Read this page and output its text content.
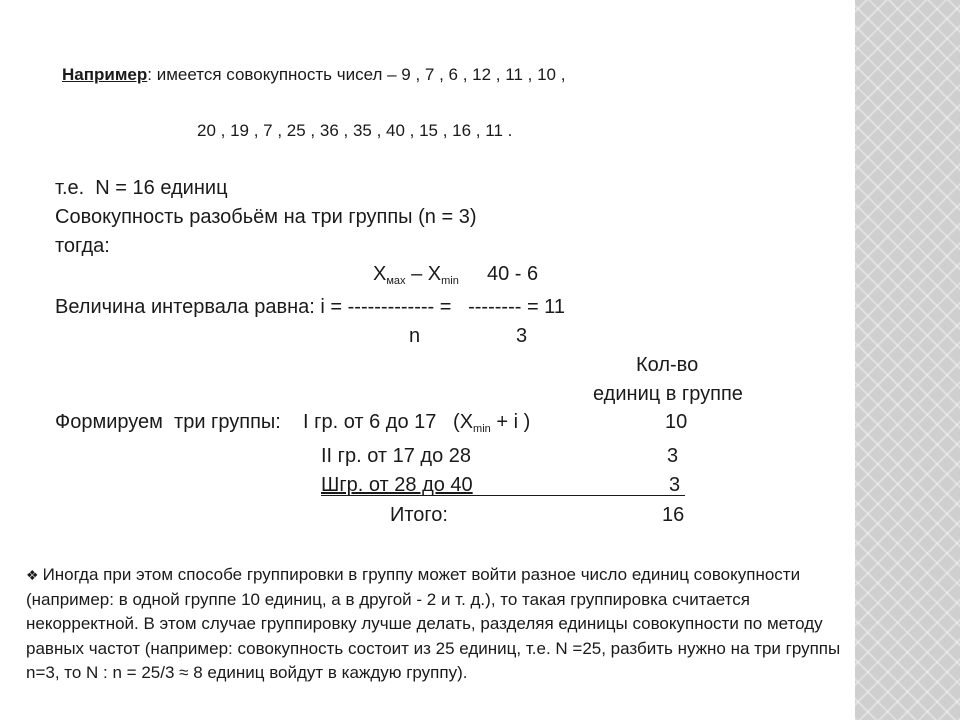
Например: имеется совокупность чисел – 9 , 7 , 6 , 12 , 11 , 10 ,
20 , 19 , 7 , 25 , 36 , 35 , 40 , 15 , 16 , 11 .
т.е.  N = 16 единиц
Совокупность разобьём на три группы (n = 3)
тогда:
$X_{мах} - X_{min}$ 40 - 6
Величина интервала равна: i = ------------- =   -------- = 11
n	3
Кол-во
единиц в группе
Формируем  три группы:    I гр. от 6 до 17   ($X_{min} + i$ )	10
II гр. от 17 до 28	3
Шгр. от 28 до 40	3
Итого:	16
❖ Иногда при этом способе группировки в группу может войти разное число единиц совокупности (например: в одной группе 10 единиц, а в другой - 2 и т. д.), то такая группировка считается некорректной. В этом случае группировку лучше делать, разделяя единицы совокупности по методу равных частот (например: совокупность состоит из 25 единиц, т.е. N =25, разбить нужно на три группы n=3, то N : n = 25/3 ≈ 8 единиц войдут в каждую группу).
